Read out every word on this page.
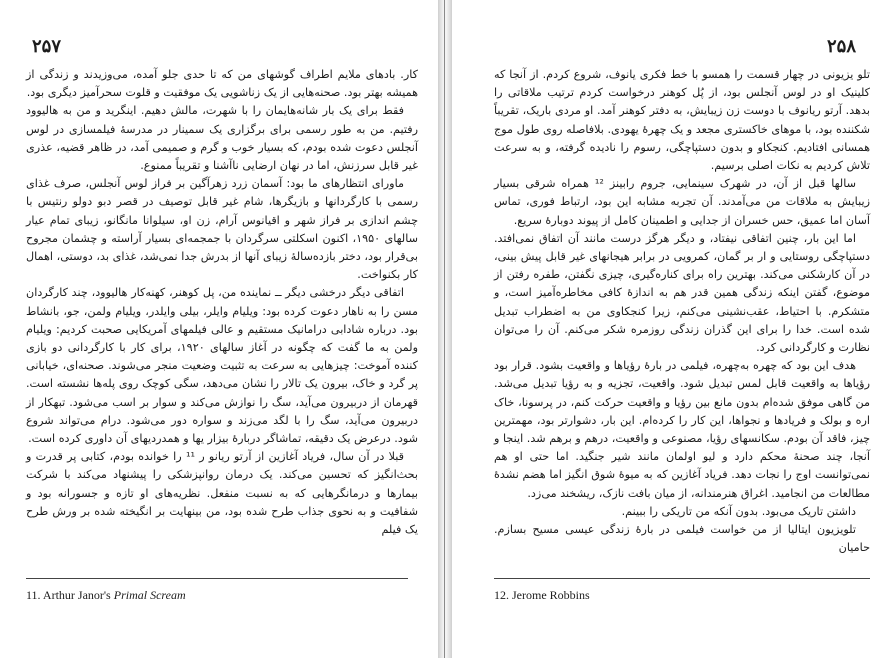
۲۵۷

کار. بادهای ملایم اطراف گوشهای من که تا حدی جلو آمده، می‌وزیدند و زندگی از همیشه بهتر بود. صحنه‌هایی از یک زناشویی یک موفقیت و قلوت سحرآمیز دیگری بود.

فقط برای یک بار شانه‌هایمان را با شهرت، مالش دهیم. اینگرید و من به هالیوود رفتیم. من به طور رسمی برای برگزاری یک سمینار در مدرسهٔ فیلمسازی در لوس آنجلس دعوت شده بودم، که بسیار خوب و گرم و صمیمی آمد، در ظاهر قضیه، عذری غیر قابل سرزنش، اما در نهان ارضایی ناآشنا و تقریباً ممنوع.

ماورای انتظارهای ما بود: آسمان زرد زهرآگین بر فراز لوس آنجلس، صرف غذای رسمی با کارگردانها و بازیگرها، شام غیر قابل توصیف در قصر دبو دولو رنتیس با چشم اندازی بر فراز شهر و اقیانوس آرام، زن او، سیلوانا مانگانو، زیبای تمام عیار سالهای ۱۹۵۰، اکنون اسکلتی سرگردان با جمجمه‌ای بسیار آراسته و چشمان مجروح بی‌قرار بود، دختر بازده‌سالهٔ زیبای آنها از بدرش جدا نمی‌شد، غذای بد، دوستی، اهمال کار بکنواخت.

اتفاقی دیگر درخشی دیگر ــ نماینده من، پل کوهنر، کهنه‌کار هالیوود، چند کارگردان مسن را به ناهار دعوت کرده بود: ویلیام وایلر، بیلی وایلدر، ویلیام ولمن، جو، بانشاط بود. درباره شادابی درامانیک مستقیم و عالی فیلمهای آمریکایی صحبت کردیم: ویلیام ولمن به ما گفت که چگونه در آغاز سالهای ۱۹۲۰، برای کار با کارگردانی دو بازی کننده آموخت: چیزهایی به سرعت به تثبیت وضعیت منجر می‌شوند. صحنه‌ای، خیابانی پر گرد و خاک، بیرون یک تالار را نشان می‌دهد، سگی کوچک روی پله‌ها نشسته است. قهرمان از دربیرون می‌آید، سگ را نوازش می‌کند و سوار بر اسب می‌شود. تبهکار از دربیرون می‌آید، سگ را با لگد می‌زند و سواره دور می‌شود. درام می‌تواند شروع شود. درعرض یک دقیقه، تماشاگر دربارهٔ بیزار یها و همدردیهای آن داوری کرده است.

قبلا در آن سال، فریاد آغازین از آرتو ریانو ر ¹¹ را خوانده بودم، کتابی پر قدرت و بحث‌انگیز که تحسین می‌کند. یک درمان روانپزشکی را پیشنهاد می‌کند با شرکت بیمارها و درمانگرهایی که به نسبت منفعل. نظریه‌های او تازه و جسورانه بود و شفافیت و به نحوی جذاب طرح شده بود، من بینهایت بر انگیخته شده بر ورش طرح یک فیلم

11. Arthur Janor's Primal Scream
۲۵۸

تلو یزیونی در چهار قسمت را همسو با خط فکری یانوف، شروع کردم. از آنجا که کلینیک او در لوس آنجلس بود، از پُل کوهنر درخواست کردم ترتیب ملاقاتی را بدهد. آرتو ریانوف با دوست زن زیبایش، به دفتر کوهنر آمد. او مردی باریک، تقریباً شکننده بود، با موهای خاکستری مجعد و یک چهرهٔ یهودی. بلافاصله روی طول موج همسانی افتادیم. کنجکاو و بدون دستپاچگی، رسوم را نادیده گرفته، و به سرعت تلاش کردیم به نکات اصلی برسیم.

سالها قبل از آن، در شهرک سینمایی، جروم رابینز ¹² همراه شرقی بسیار زیبایش به ملاقات من می‌آمدند. آن تجربه مشابه این بود، ارتباط فوری، تماس آسان اما عمیق، حس خسران از جدایی و اطمینان کامل از پیوند دوبارهٔ سریع.

اما این بار، چنین اتفاقی نیفتاد، و دیگر هرگز درست مانند آن اتفاق نمی‌افتد. دستپاچگی روستایی و ار بر گمان، کمرویی در برابر هیجانهای غیر قابل پیش بینی، در آن کارشکنی می‌کند. بهترین راه برای کناره‌گیری، چیزی نگفتن، طفره رفتن از موضوع، گفتن اینکه زندگی همین قدر هم به اندازهٔ کافی مخاطره‌آمیز است، و متشکرم. با احتیاط، عقب‌نشینی می‌کنم، زیرا کنجکاوی من به اضطراب تبدیل شده است. خدا را برای این گذران زندگی روزمره شکر می‌کنم. آن را می‌توان نظارت و کارگردانی کرد.

هدف این بود که چهره به‌چهره، فیلمی در بارهٔ رؤیاها و واقعیت بشود. قرار بود رؤیاها به واقعیت قابل لمس تبدیل شود. واقعیت، تجزیه و به رؤیا تبدیل می‌شد. من گاهی موفق شده‌ام بدون مانع بین رؤیا و واقعیت حرکت کنم، در پرسونا، خاک اره و بولک و فریادها و نجواها، این کار را کرده‌ام. این بار، دشوارتر بود، مهمترین چیز، فاقد آن بودم. سکانسهای رؤیا، مصنوعی و واقعیت، درهم و برهم شد. اینجا و آنجا، چند صحنهٔ محکم دارد و لیو اولمان مانند شیر جنگید. اما حتی او هم نمی‌توانست اوج را نجات دهد. فریاد آغازین که به میوهٔ شوق انگیز اما هضم نشدهٔ مطالعات من انجامید. اغراق هنرمندانه، از میان بافت نازک، ریشخند می‌زد.

داشتن تاریک می‌بود. بدون آنکه من تاریکی را ببینم.

تلویزیون ایتالیا از من خواست فیلمی در بارهٔ زندگی عیسی مسیح بسازم. حامیان

12. Jerome Robbins
